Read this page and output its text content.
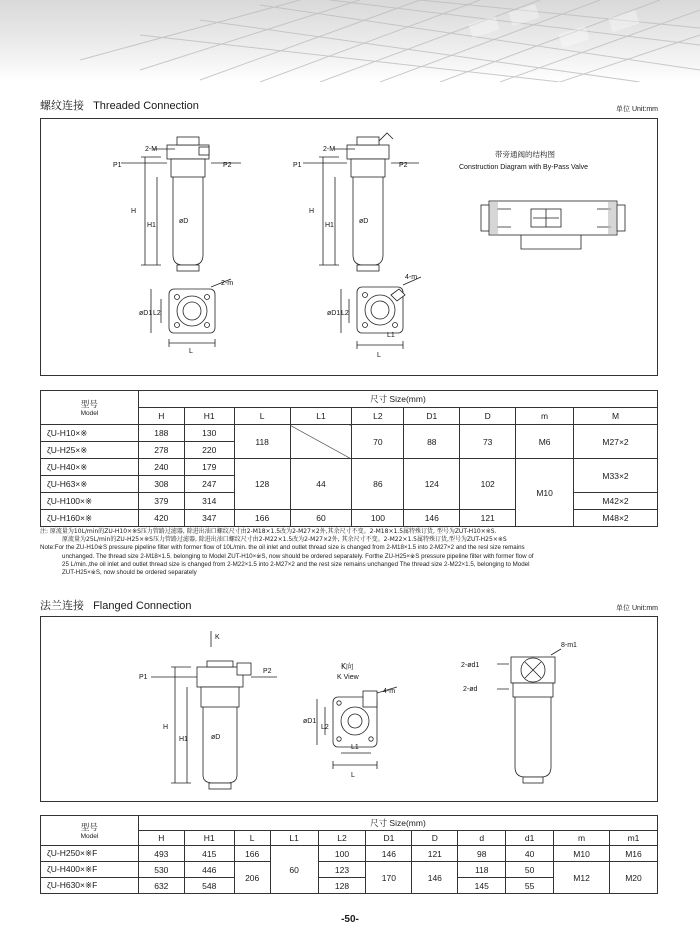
螺纹连接 Threaded Connection	单位 Unit:mm
P1	P2
2-M
H
H1
øD
2-m
øD1 L2
L
P1	P2
2-M
H
H1
øD
4-m
øD1 L2
L1
L
带旁通阀的结构图
Construction Diagram with By-Pass Valve
型号
Model	尺寸 Size(mm)								
	H	H1	L	L1	L2	D1	D	m	M
ζU-H10×※	188	130	118		70	88	73	M6	M27×2
ζU-H25×※	278	220							
ζU-H40×※	240	179	128	44	86	124	102	M10	M33×2
ζU-H63×※	308	247							
ζU-H100×※	379	314							M42×2
ζU-H160×※	420	347	166	60	100	146	121		M48×2
注: 原流量为10L/min的ZU-H10×※S压力管路过滤器, 除进出油口螺纹尺寸由2-M18×1.5改为2-M27×2外,其余尺寸不变。2-M18×1.5属特殊订货, 型号为ZUT-H10×※S.
原流量为25L/min的ZU-H25×※S压力管路过滤器, 除进出油口螺纹尺寸由2-M22×1.5改为2-M27×2外, 其余尺寸不变。2-M22×1.5属特殊订货,型号为ZUT-H25×※S
Note:For the ZU-H10※S pressure pipeline filter with former flow of 10L/min. the oil inlet and outlet thread size is changed from 2-M18×1.5 into 2-M27×2 and the resl size remains
unchanged. The thread size 2-M18×1.5. belonging to Model ZUT-H10×※S, now should be ordered separately. Forthe ZU-H25×※S pressure pipeline filter with former flow of
25 L/min.,the oil inlet and outlet thread size is changed from 2-M22×1.5 into 2-M27×2 and the rest size remains unchanged The thread size 2-M22×1.5, belonging to Model
ZUT-H25×※S, now should be ordered separately
法兰连接 Flanged Connection	单位 Unit:mm
K
P1
P2
H
H1	øD
K向
K View
4-m
øD1
L2
L1
L
2-ød1
2-ød
8-m1
型号
Model	尺寸 Size(mm)										
	H	H1	L	L1	L2	D1	D	d	d1	m	m1
ζU-H250×※F	493	415	166	60	100	146	121	98	40	M10	M16
ζU-H400×※F	530	446	206		123	170	146	118	50	M12	M20
ζU-H630×※F	632	548			128			145	55		
-50-
